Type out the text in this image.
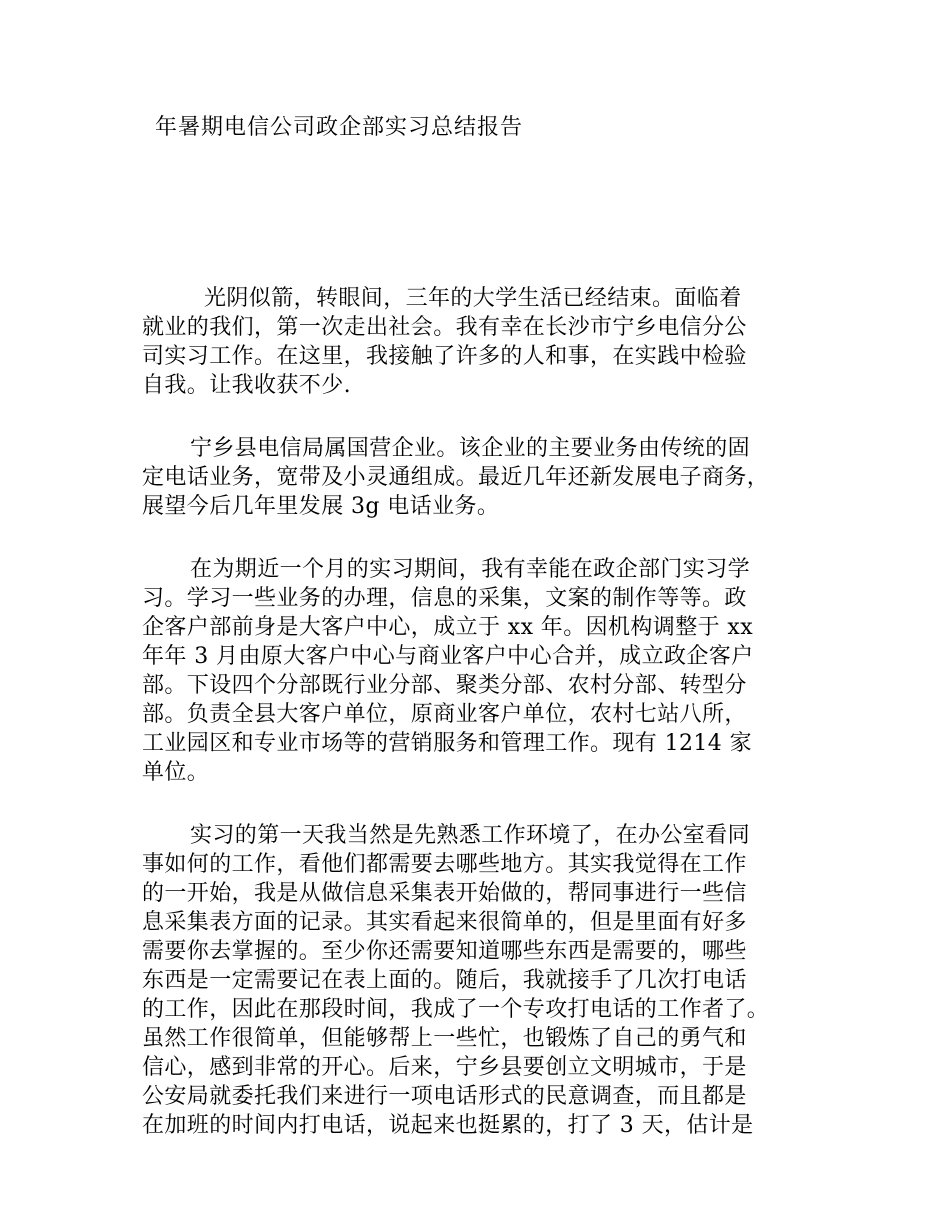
年暑期电信公司政企部实习总结报告
光阴似箭，转眼间，三年的大学生活已经结束。面临着
就业的我们，第一次走出社会。我有幸在长沙市宁乡电信分公
司实习工作。在这里，我接触了许多的人和事，在实践中检验
自我。让我收获不少.
宁乡县电信局属国营企业。该企业的主要业务由传统的固
定电话业务，宽带及小灵通组成。最近几年还新发展电子商务，
展望今后几年里发展 3g 电话业务。
在为期近一个月的实习期间，我有幸能在政企部门实习学
习。学习一些业务的办理，信息的采集，文案的制作等等。政
企客户部前身是大客户中心，成立于 xx 年。因机构调整于 xx
年年 3 月由原大客户中心与商业客户中心合并，成立政企客户
部。下设四个分部既行业分部、聚类分部、农村分部、转型分
部。负责全县大客户单位，原商业客户单位，农村七站八所，
工业园区和专业市场等的营销服务和管理工作。现有 1214 家
单位。
实习的第一天我当然是先熟悉工作环境了，在办公室看同
事如何的工作，看他们都需要去哪些地方。其实我觉得在工作
的一开始，我是从做信息采集表开始做的，帮同事进行一些信
息采集表方面的记录。其实看起来很简单的，但是里面有好多
需要你去掌握的。至少你还需要知道哪些东西是需要的，哪些
东西是一定需要记在表上面的。随后，我就接手了几次打电话
的工作，因此在那段时间，我成了一个专攻打电话的工作者了。
虽然工作很简单，但能够帮上一些忙，也锻炼了自己的勇气和
信心，感到非常的开心。后来，宁乡县要创立文明城市，于是
公安局就委托我们来进行一项电话形式的民意调查，而且都是
在加班的时间内打电话，说起来也挺累的，打了 3 天，估计是
